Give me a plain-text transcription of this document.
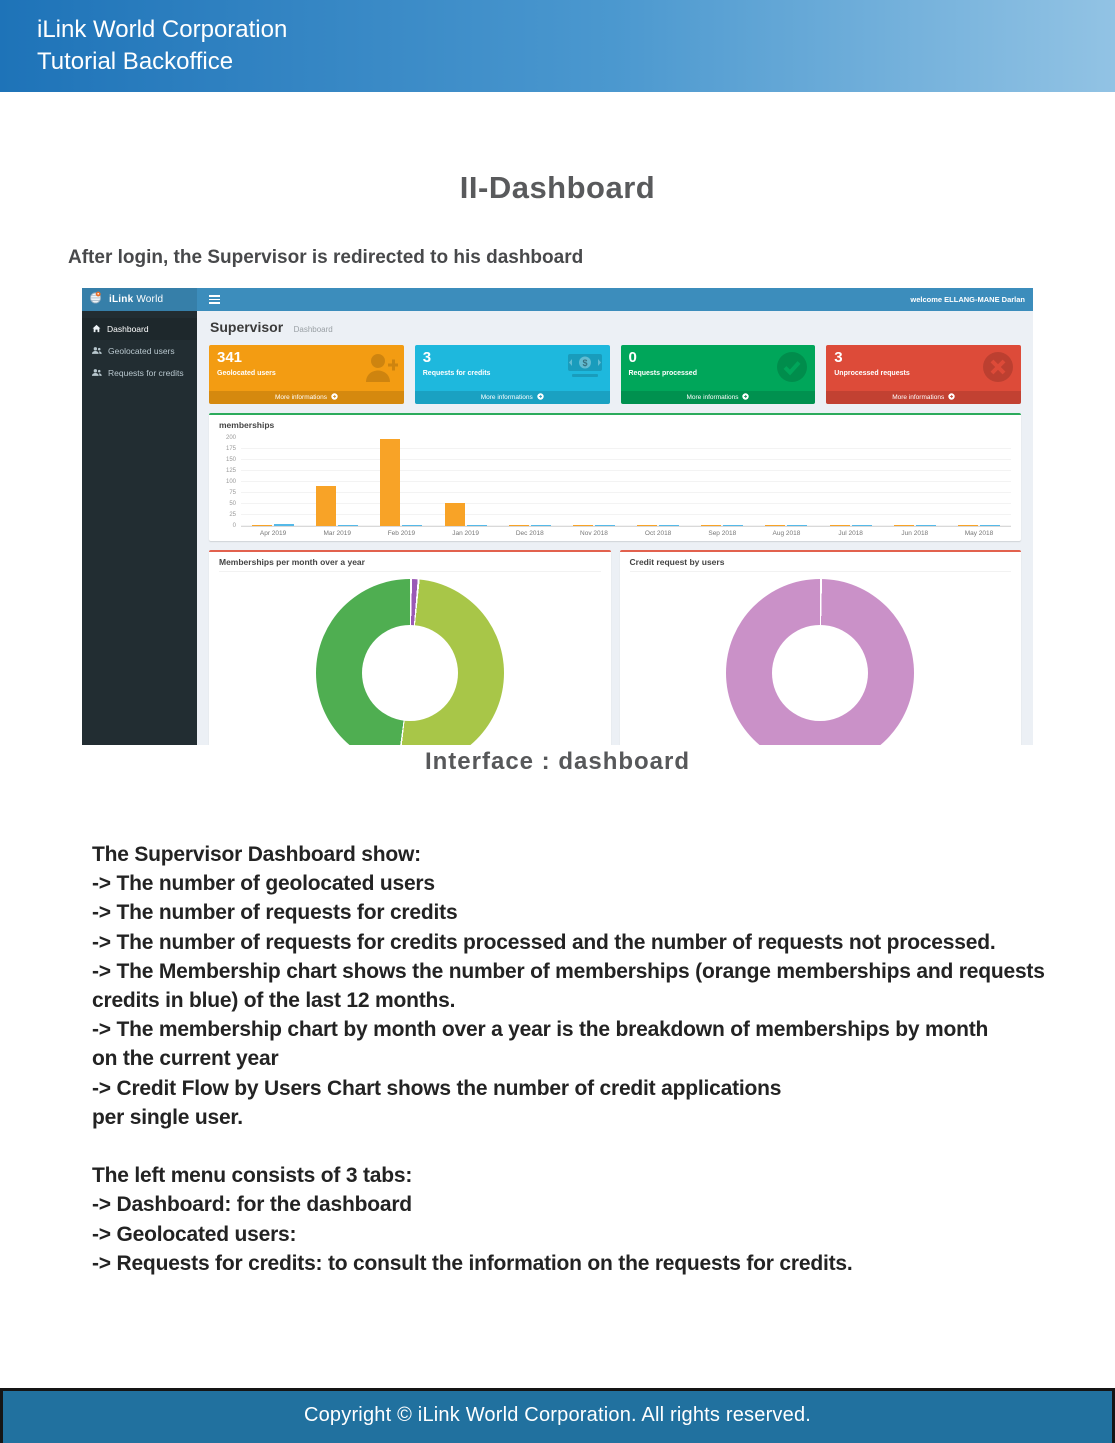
iLink World Corporation
Tutorial Backoffice
II-Dashboard
After login, the Supervisor is redirected to his dashboard
iLink World
Dashboard
Geolocated users
Requests for credits
welcome ELLANG-MANE Darlan
Supervisor Dashboard
341
Geolocated users
More informations
3
Requests for credits
$
More informations
0
Requests processed
More informations
3
Unprocessed requests
More informations
memberships
200
175
150
125
100
75
50
25
0
Apr 2019	Mar 2019	Feb 2019	Jan 2019	Dec 2018	Nov 2018	Oct 2018	Sep 2018	Aug 2018	Jul 2018	Jun 2018	May 2018
Memberships per month over a year	Credit request by users
Interface : dashboard
The Supervisor Dashboard show:
-> The number of geolocated users
-> The number of requests for credits
-> The number of requests for credits processed and the number of requests not processed.
-> The Membership chart shows the number of memberships (orange memberships and requests
credits in blue) of the last 12 months.
-> The membership chart by month over a year is the breakdown of memberships by month
on the current year
-> Credit Flow by Users Chart shows the number of credit applications
per single user.
The left menu consists of 3 tabs:
-> Dashboard: for the dashboard
-> Geolocated users:
-> Requests for credits: to consult the information on the requests for credits.
Copyright © iLink World Corporation. All rights reserved.
